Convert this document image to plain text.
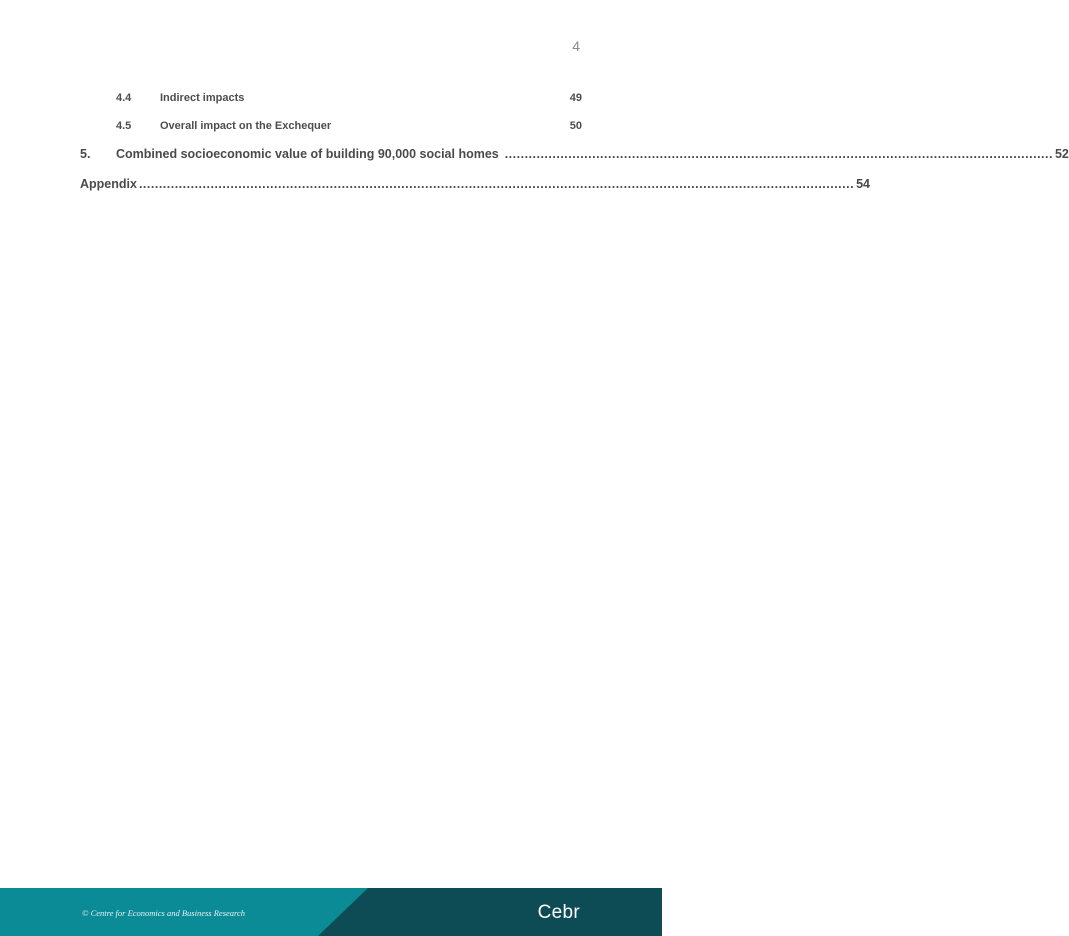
4
4.4	Indirect impacts	49
4.5	Overall impact on the Exchequer	50
5.	Combined socioeconomic value of building 90,000 social homes .......................................................................................................................................... 52
Appendix .................................................................................................................................................................................... 54
© Centre for Economics and Business Research	Cebr
